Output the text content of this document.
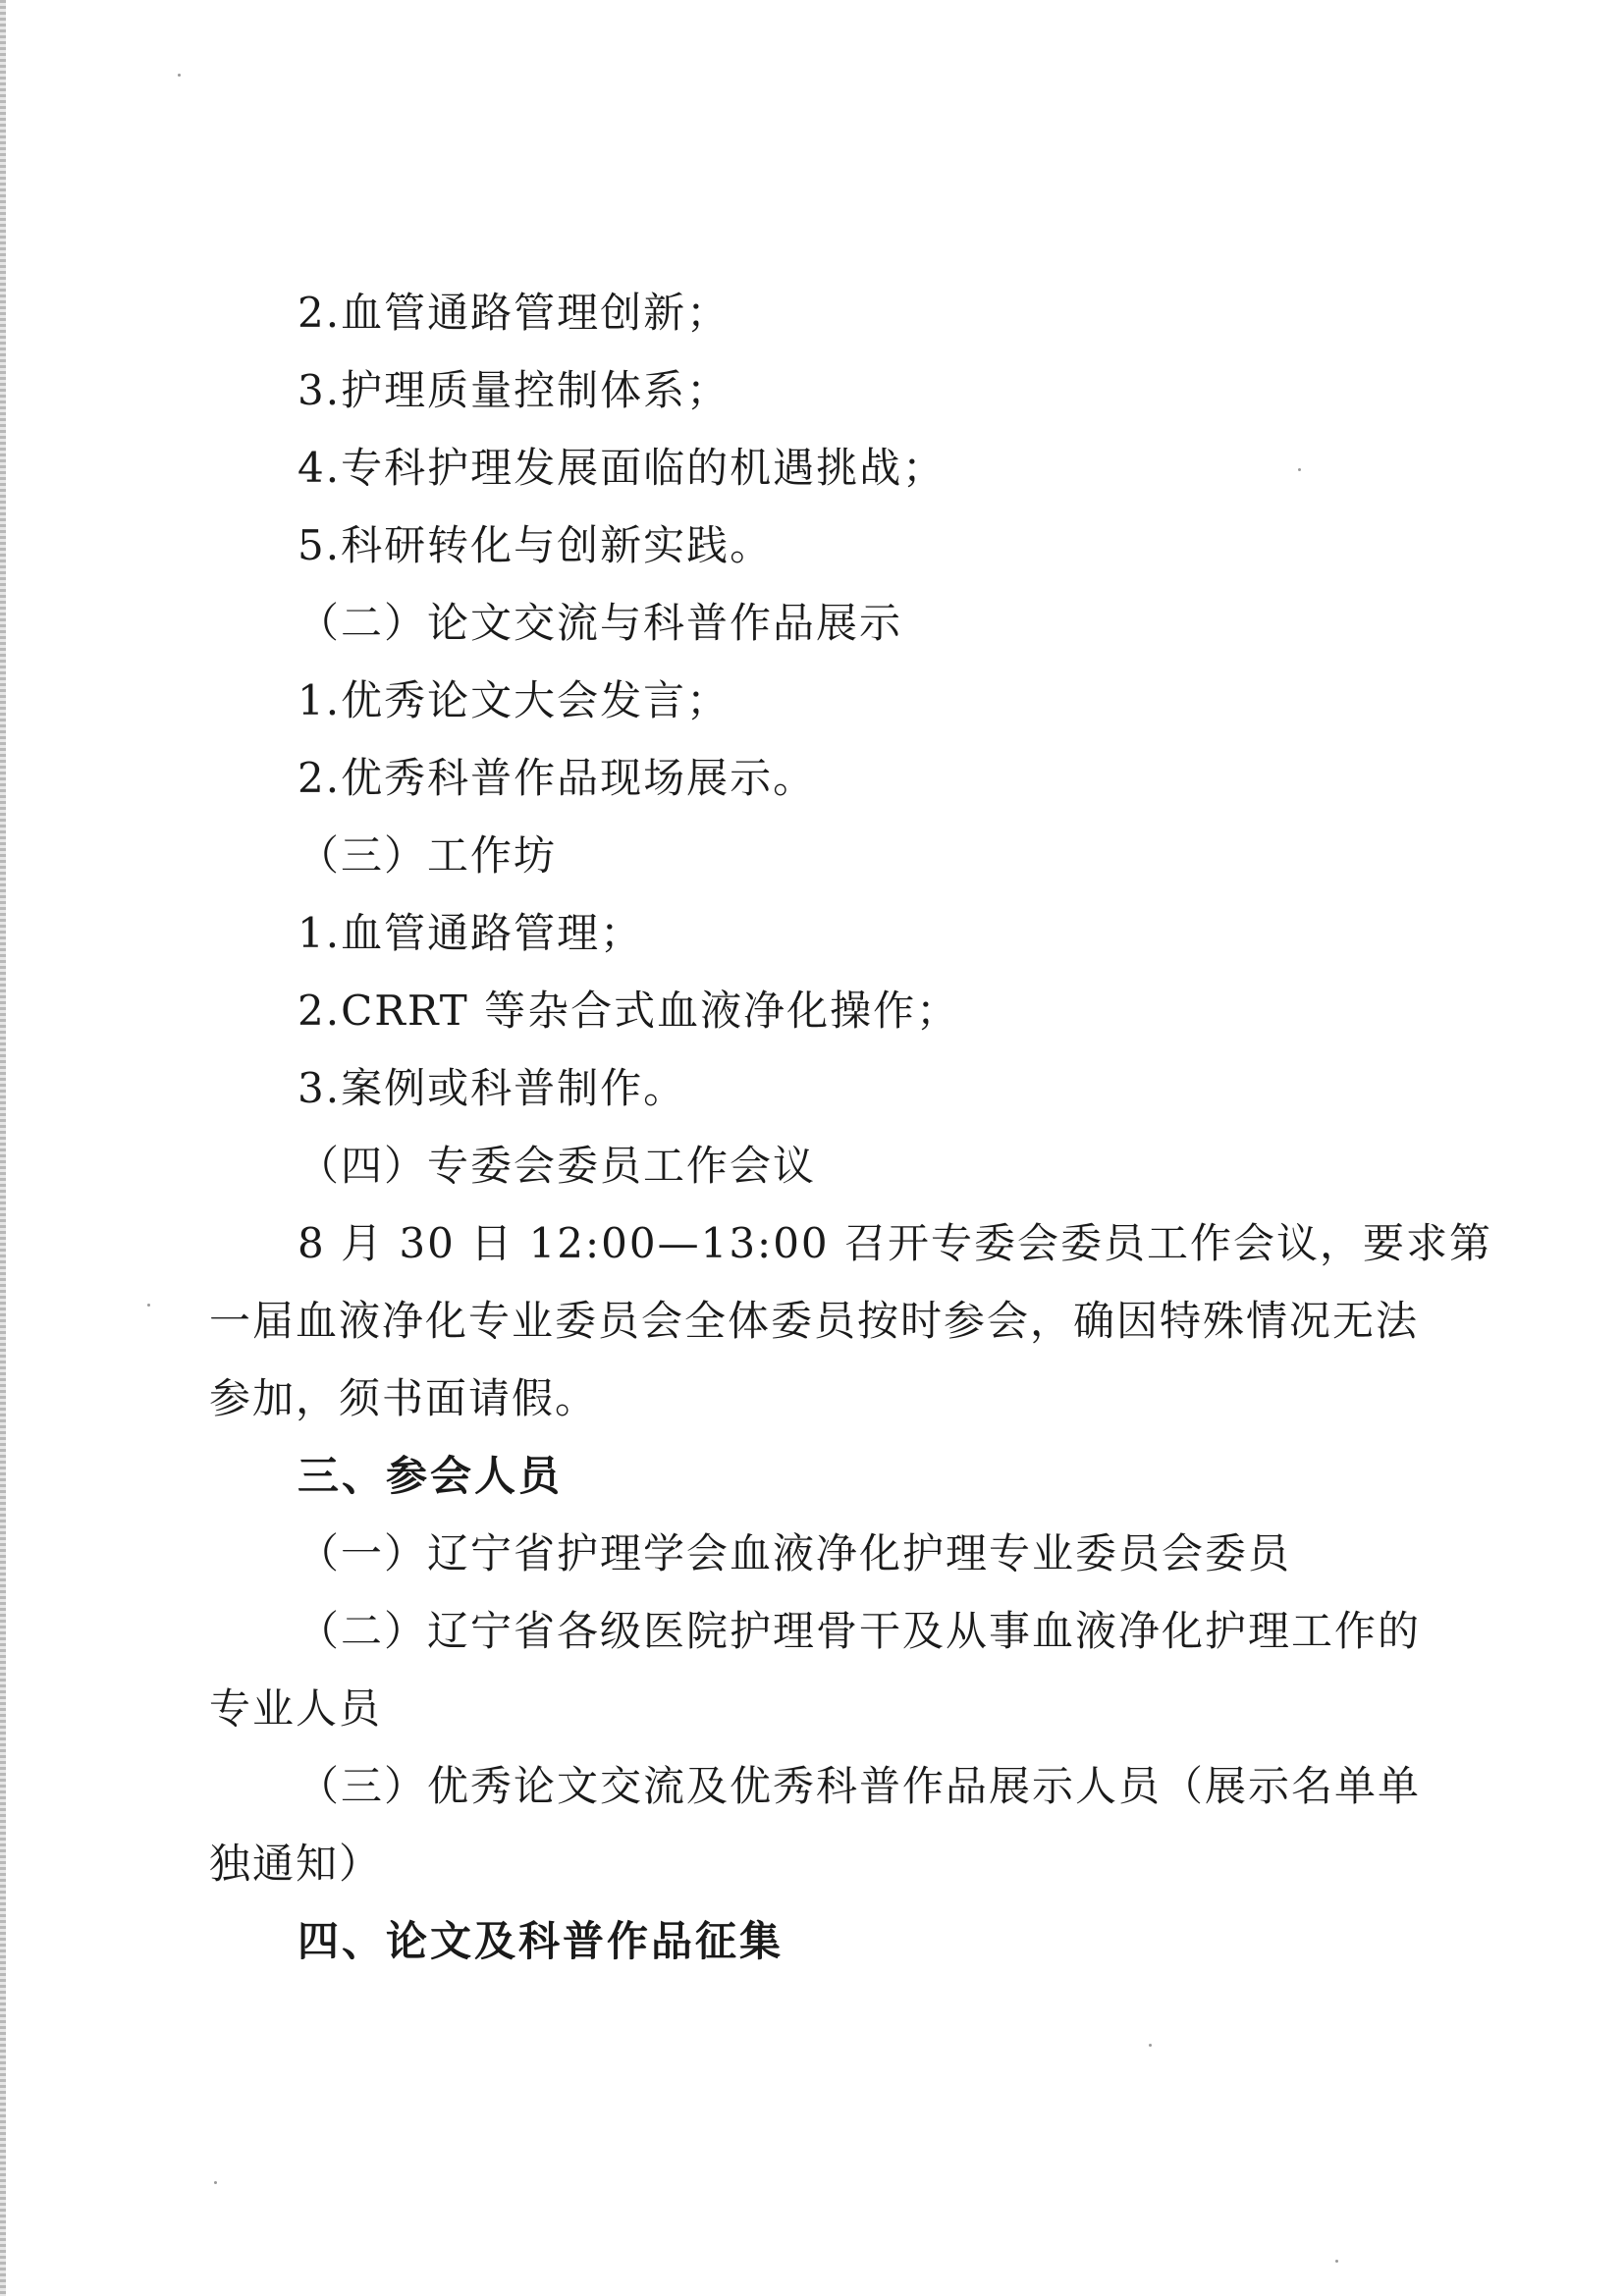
2.血管通路管理创新；
3.护理质量控制体系；
4.专科护理发展面临的机遇挑战；
5.科研转化与创新实践。
（二）论文交流与科普作品展示
1.优秀论文大会发言；
2.优秀科普作品现场展示。
（三）工作坊
1.血管通路管理；
2.CRRT 等杂合式血液净化操作；
3.案例或科普制作。
（四）专委会委员工作会议
8 月 30 日 12:00—13:00 召开专委会委员工作会议，要求第
一届血液净化专业委员会全体委员按时参会，确因特殊情况无法
参加，须书面请假。
三、参会人员
（一）辽宁省护理学会血液净化护理专业委员会委员
（二）辽宁省各级医院护理骨干及从事血液净化护理工作的
专业人员
（三）优秀论文交流及优秀科普作品展示人员（展示名单单
独通知）
四、论文及科普作品征集
